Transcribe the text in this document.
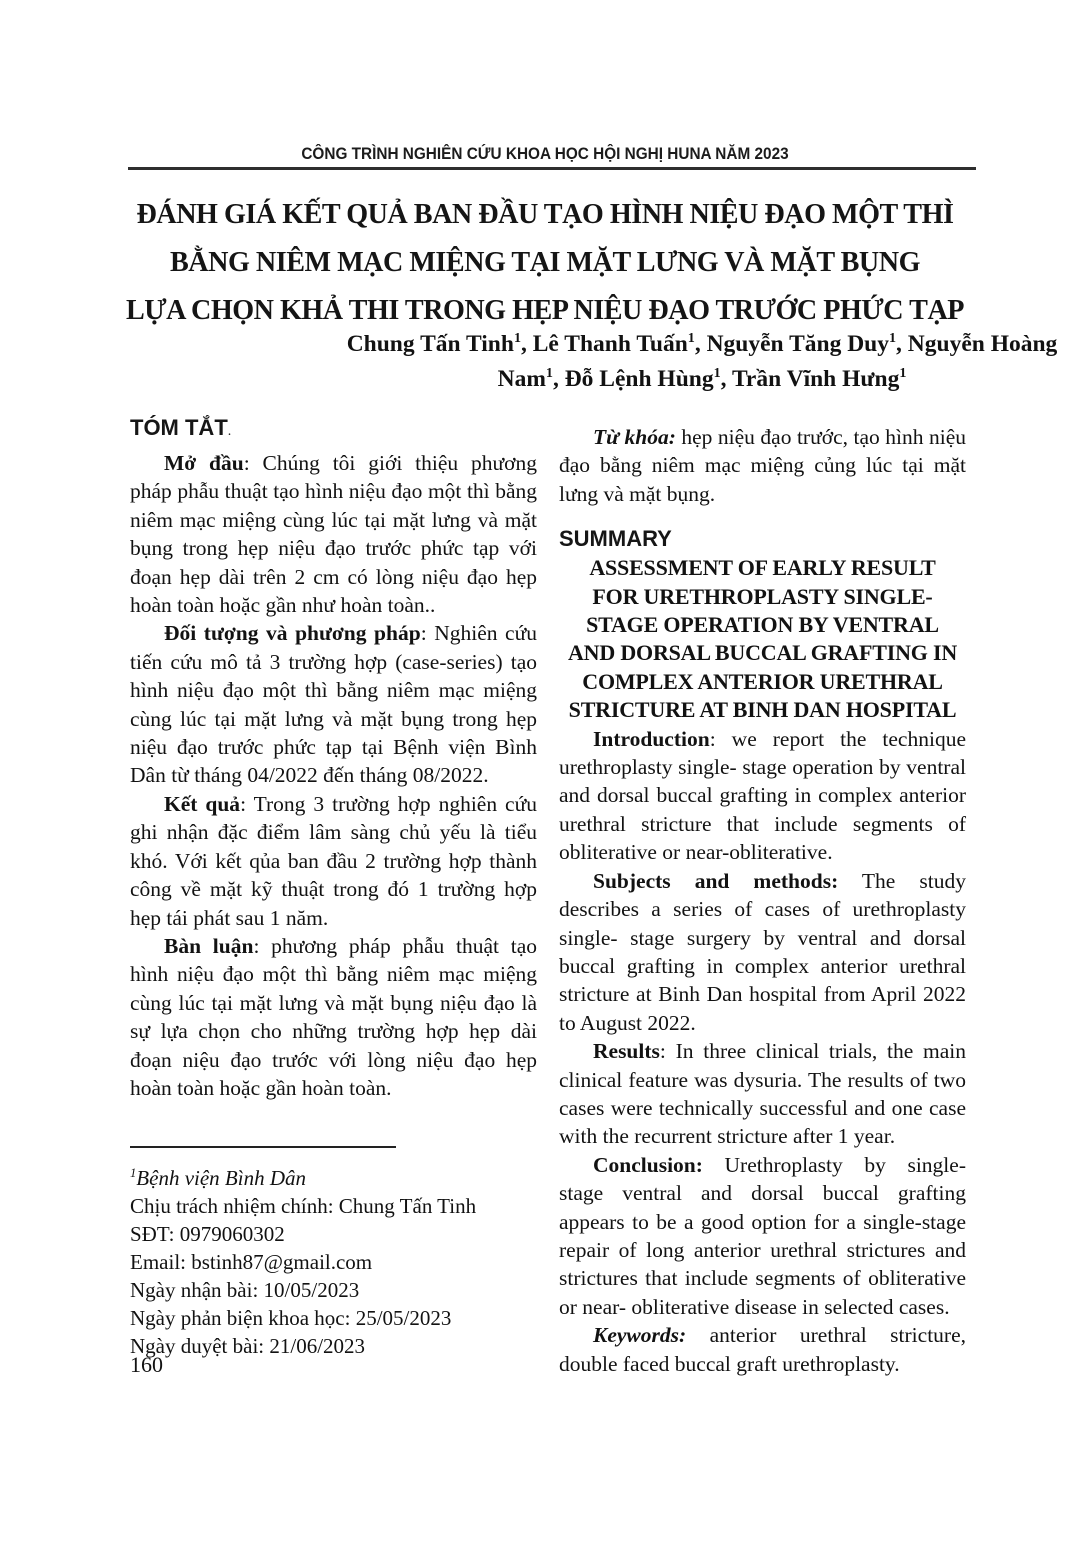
CÔNG TRÌNH NGHIÊN CỨU KHOA HỌC HỘI NGHỊ HUNA NĂM 2023
ĐÁNH GIÁ KẾT QUẢ BAN ĐẦU TẠO HÌNH NIỆU ĐẠO MỘT THÌ
BẰNG NIÊM MẠC MIỆNG TẠI MẶT LƯNG VÀ MẶT BỤNG
LỰA CHỌN KHẢ THI TRONG HẸP NIỆU ĐẠO TRƯỚC PHỨC TẠP
Chung Tấn Tinh$^1$, Lê Thanh Tuấn$^1$, Nguyễn Tăng Duy$^1$, Nguyễn Hoàng Nam$^1$, Đỗ Lệnh Hùng$^1$, Trần Vĩnh Hưng$^1$
TÓM TẮT.

Mở đầu: Chúng tôi giới thiệu phương pháp phẫu thuật tạo hình niệu đạo một thì bằng niêm mạc miệng cùng lúc tại mặt lưng và mặt bụng trong hẹp niệu đạo trước phức tạp với đoạn hẹp dài trên 2 cm có lòng niệu đạo hẹp hoàn toàn hoặc gần như hoàn toàn..

Đối tượng và phương pháp: Nghiên cứu tiến cứu mô tả 3 trường hợp (case-series) tạo hình niệu đạo một thì bằng niêm mạc miệng cùng lúc tại mặt lưng và mặt bụng trong hẹp niệu đạo trước phức tạp tại Bệnh viện Bình Dân từ tháng 04/2022 đến tháng 08/2022.

Kết quả: Trong 3 trường hợp nghiên cứu ghi nhận đặc điểm lâm sàng chủ yếu là tiểu khó. Với kết qủa ban đầu 2 trường hợp thành công về mặt kỹ thuật trong đó 1 trường hợp hẹp tái phát sau 1 năm.

Bàn luận: phương pháp phẫu thuật tạo hình niệu đạo một thì bằng niêm mạc miệng cùng lúc tại mặt lưng và mặt bụng niệu đạo là sự lựa chọn cho những trường hợp hẹp dài đoạn niệu đạo trước với lòng niệu đạo hẹp hoàn toàn hoặc gần hoàn toàn.

$^1$Bệnh viện Bình Dân
Chịu trách nhiệm chính: Chung Tấn Tinh
SĐT: 0979060302
Email: bstinh87@gmail.com
Ngày nhận bài: 10/05/2023
Ngày phản biện khoa học: 25/05/2023
Ngày duyệt bài: 21/06/2023

Từ khóa: hẹp niệu đạo trước, tạo hình niệu đạo bằng niêm mạc miệng củng lúc tại mặt lưng và mặt bụng.

SUMMARY
ASSESSMENT OF EARLY RESULT
FOR URETHROPLASTY SINGLE-
STAGE OPERATION BY VENTRAL
AND DORSAL BUCCAL GRAFTING IN
COMPLEX ANTERIOR URETHRAL
STRICTURE AT BINH DAN HOSPITAL

Introduction: we report the technique urethroplasty single- stage operation by ventral and dorsal buccal grafting in complex anterior urethral stricture that include segments of obliterative or near-obliterative.

Subjects and methods: The study describes a series of cases of urethroplasty single- stage surgery by ventral and dorsal buccal grafting in complex anterior urethral stricture at Binh Dan hospital from April 2022 to August 2022.

Results: In three clinical trials, the main clinical feature was dysuria. The results of two cases were technically successful and one case with the recurrent stricture after 1 year.

Conclusion: Urethroplasty by single- stage ventral and dorsal buccal grafting appears to be a good option for a single-stage repair of long anterior urethral strictures and strictures that include segments of obliterative or near- obliterative disease in selected cases.

Keywords: anterior urethral stricture, double faced buccal graft urethroplasty.

160
